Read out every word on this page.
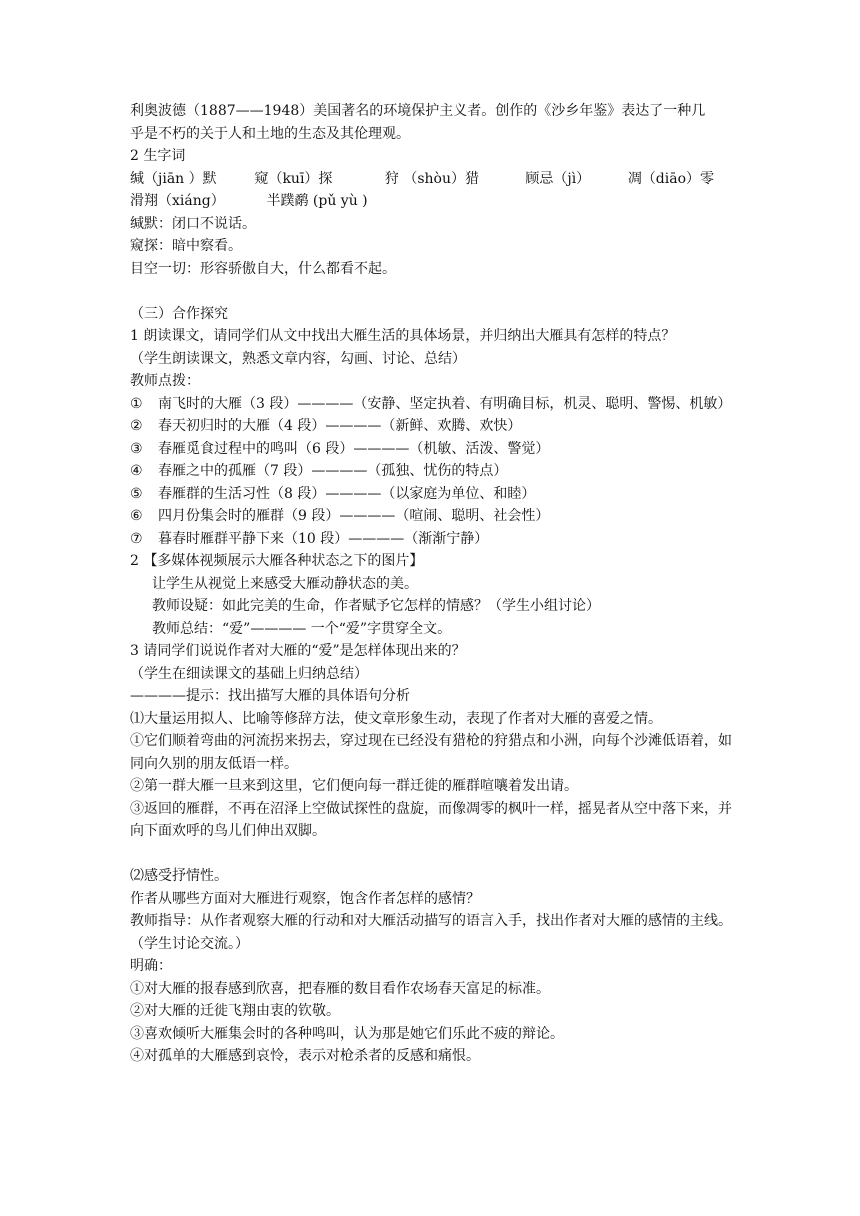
利奥波德（1887——1948）美国著名的环境保护主义者。创作的《沙乡年鉴》表达了一种几
乎是不朽的关于人和土地的生态及其伦理观。
2 生字词
缄（jiān ）默	窥（kuī）探	狩 （shòu）猎	顾忌（jì）	凋（diāo）零
滑翔（xiáng）	半蹼鹬 (pǔ yù )
缄默：闭口不说话。
窥探：暗中察看。
目空一切：形容骄傲自大，什么都看不起。
（三）合作探究
1 朗读课文，请同学们从文中找出大雁生活的具体场景，并归纳出大雁具有怎样的特点？
（学生朗读课文，熟悉文章内容，勾画、讨论、总结）
教师点拨：
①	南飞时的大雁（3 段）————（安静、坚定执着、有明确目标，机灵、聪明、警惕、机敏）
②	春天初归时的大雁（4 段）————（新鲜、欢腾、欢快）
③	春雁觅食过程中的鸣叫（6 段）————（机敏、活泼、警觉）
④	春雁之中的孤雁（7 段）————（孤独、忧伤的特点）
⑤	春雁群的生活习性（8 段）————（以家庭为单位、和睦）
⑥	四月份集会时的雁群（9 段）————（喧闹、聪明、社会性）
⑦	暮春时雁群平静下来（10 段）————（渐渐宁静）
2 【多媒体视频展示大雁各种状态之下的图片】
让学生从视觉上来感受大雁动静状态的美。
教师设疑：如此完美的生命，作者赋予它怎样的情感？（学生小组讨论）
教师总结：“爱”———— 一个“爱”字贯穿全文。
3 请同学们说说作者对大雁的“爱”是怎样体现出来的？
（学生在细读课文的基础上归纳总结）
————提示：找出描写大雁的具体语句分析
⑴大量运用拟人、比喻等修辞方法，使文章形象生动，表现了作者对大雁的喜爱之情。
①它们顺着弯曲的河流拐来拐去，穿过现在已经没有猎枪的狩猎点和小洲，向每个沙滩低语着，如同向久别的朋友低语一样。
②第一群大雁一旦来到这里，它们便向每一群迁徙的雁群喧嚷着发出请。
③返回的雁群，不再在沼泽上空做试探性的盘旋，而像凋零的枫叶一样，摇晃者从空中落下来，并向下面欢呼的鸟儿们伸出双脚。
⑵感受抒情性。
作者从哪些方面对大雁进行观察，饱含作者怎样的感情？
教师指导：从作者观察大雁的行动和对大雁活动描写的语言入手，找出作者对大雁的感情的主线。（学生讨论交流。）
明确：
①对大雁的报春感到欣喜，把春雁的数目看作农场春天富足的标准。
②对大雁的迁徙飞翔由衷的钦敬。
③喜欢倾听大雁集会时的各种鸣叫，认为那是她它们乐此不疲的辩论。
④对孤单的大雁感到哀怜，表示对枪杀者的反感和痛恨。
